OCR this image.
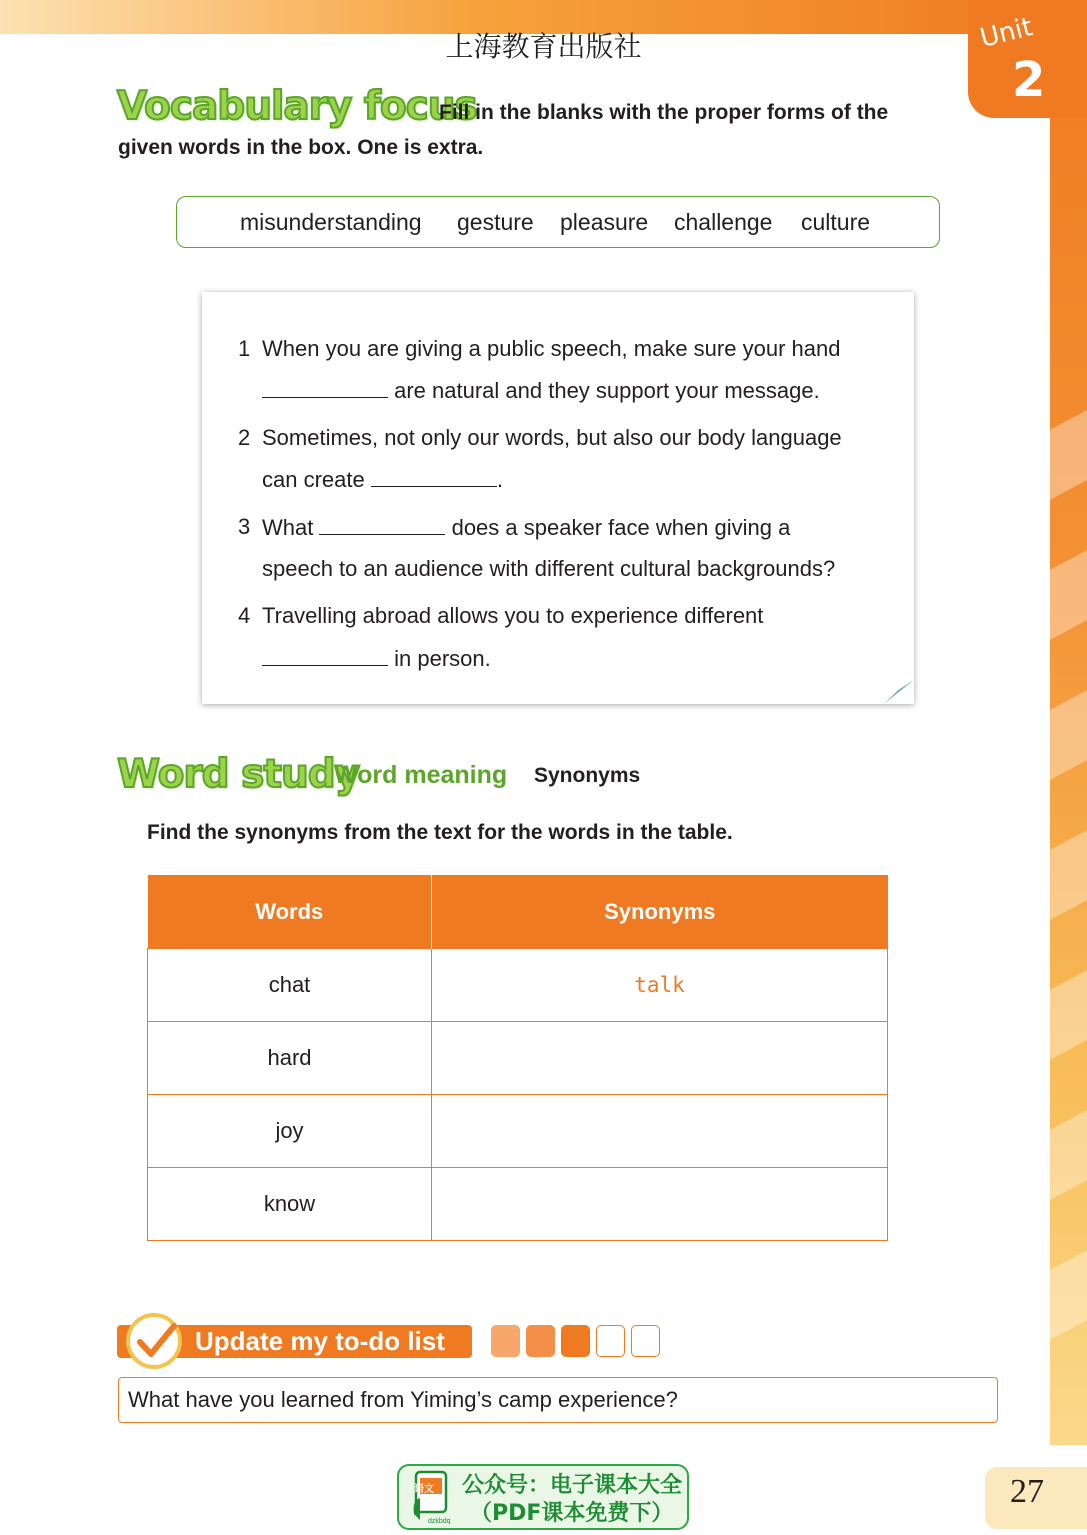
上海教育出版社	Unit
2
Vocabulary focus
Fill in the blanks with the proper forms of the
given words in the box. One is extra.
misunderstanding gesture pleasure challenge culture
1 When you are giving a public speech, make sure your hand
are natural and they support your message.
2 Sometimes, not only our words, but also our body language
can create	.
3 What	does a speaker face when giving a
speech to an audience with different cultural backgrounds?
4 Travelling abroad allows you to experience different
in person.
Word study
Word meaning Synonyms
Find the synonyms from the text for the words in the table.
Words	Synonyms
chat	talk
hard	
joy	
know	
Update my to-do list
What have you learned from Yiming’s camp experience?
语文 公众号：电子课本大全
（PDF课本免费下）
dzkbdq
27
